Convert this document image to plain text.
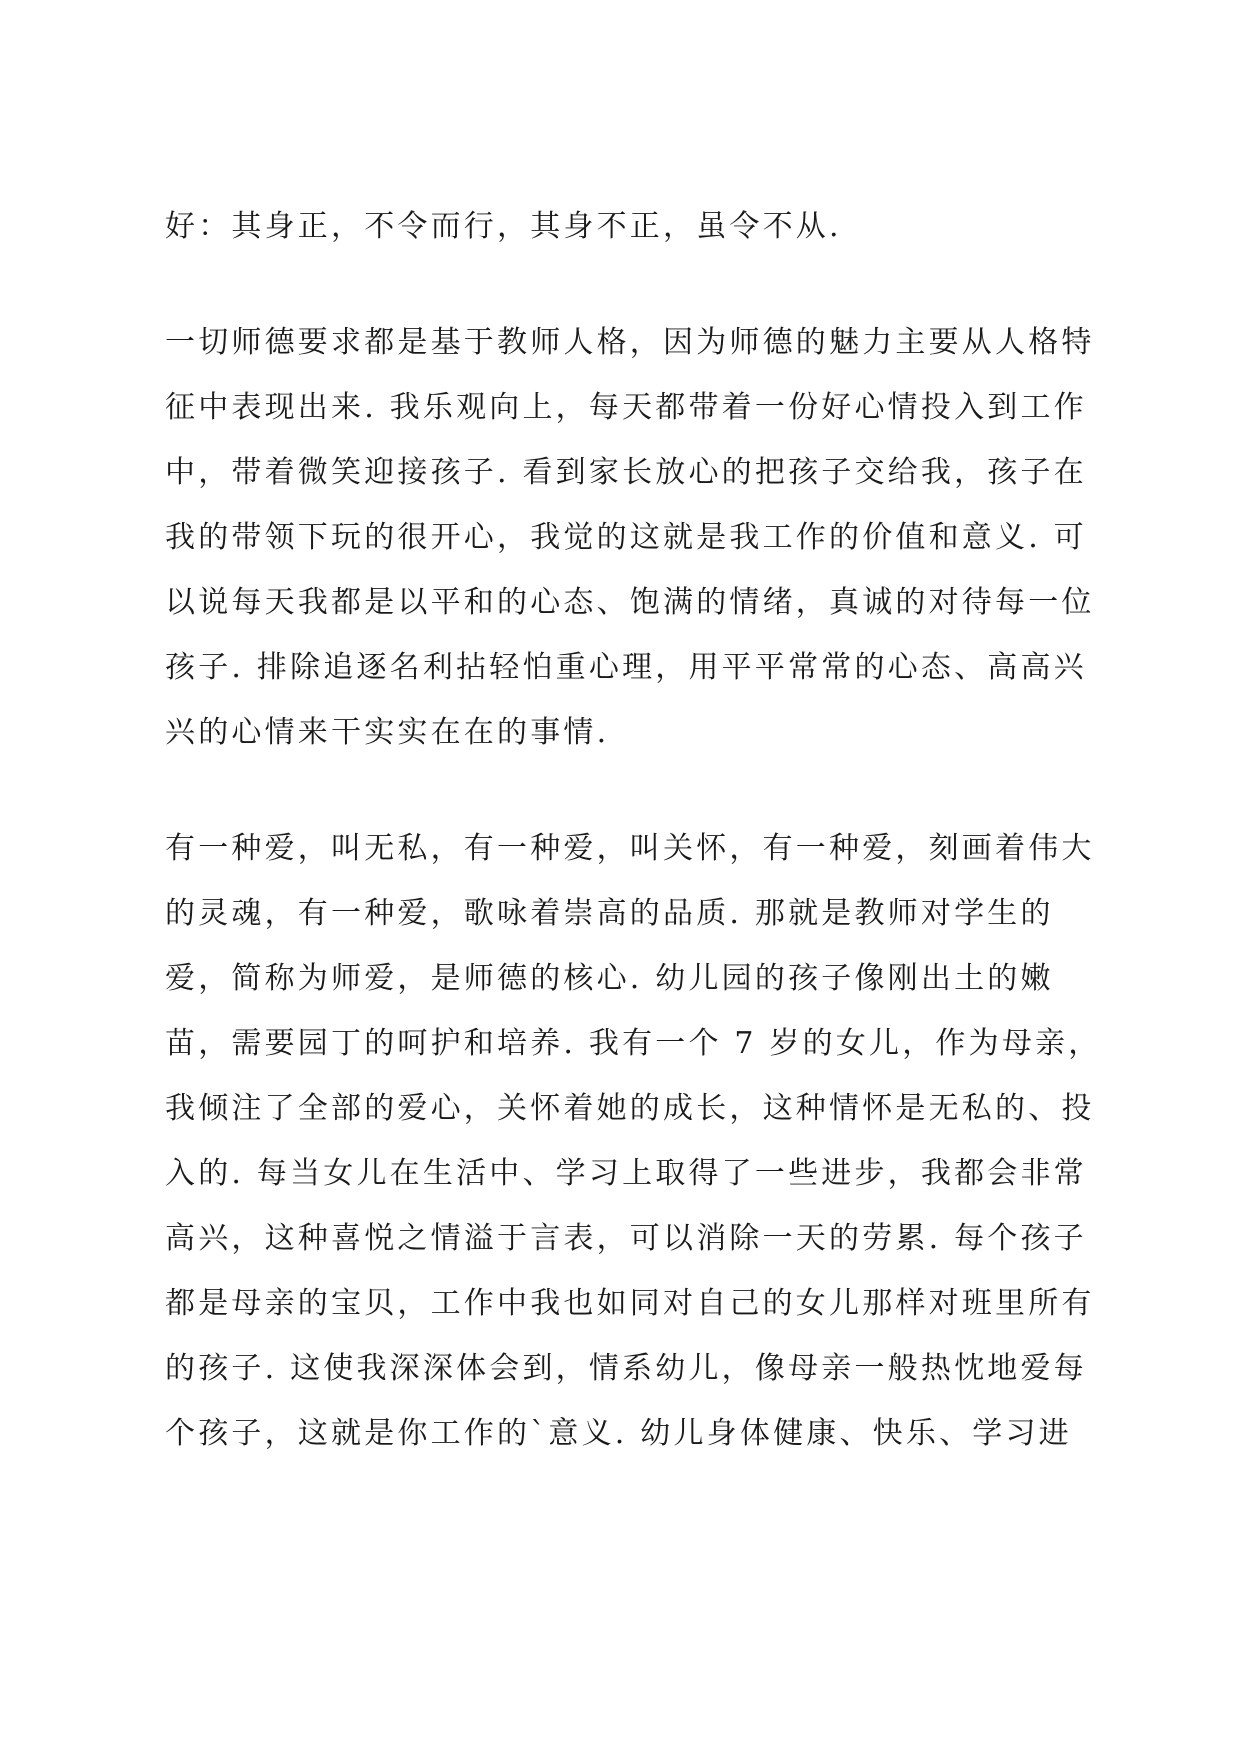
好：其身正，不令而行，其身不正，虽令不从.
一切师德要求都是基于教师人格，因为师德的魅力主要从人格特
征中表现出来. 我乐观向上，每天都带着一份好心情投入到工作
中，带着微笑迎接孩子. 看到家长放心的把孩子交给我，孩子在
我的带领下玩的很开心，我觉的这就是我工作的价值和意义. 可
以说每天我都是以平和的心态、饱满的情绪，真诚的对待每一位
孩子. 排除追逐名利拈轻怕重心理，用平平常常的心态、高高兴
兴的心情来干实实在在的事情.
有一种爱，叫无私，有一种爱，叫关怀，有一种爱，刻画着伟大
的灵魂，有一种爱，歌咏着崇高的品质. 那就是教师对学生的
爱，简称为师爱，是师德的核心. 幼儿园的孩子像刚出土的嫩
苗，需要园丁的呵护和培养. 我有一个 7 岁的女儿，作为母亲，
我倾注了全部的爱心，关怀着她的成长，这种情怀是无私的、投
入的. 每当女儿在生活中、学习上取得了一些进步，我都会非常
高兴，这种喜悦之情溢于言表，可以消除一天的劳累. 每个孩子
都是母亲的宝贝，工作中我也如同对自己的女儿那样对班里所有
的孩子. 这使我深深体会到，情系幼儿，像母亲一般热忱地爱每
个孩子，这就是你工作的`意义. 幼儿身体健康、快乐、学习进
